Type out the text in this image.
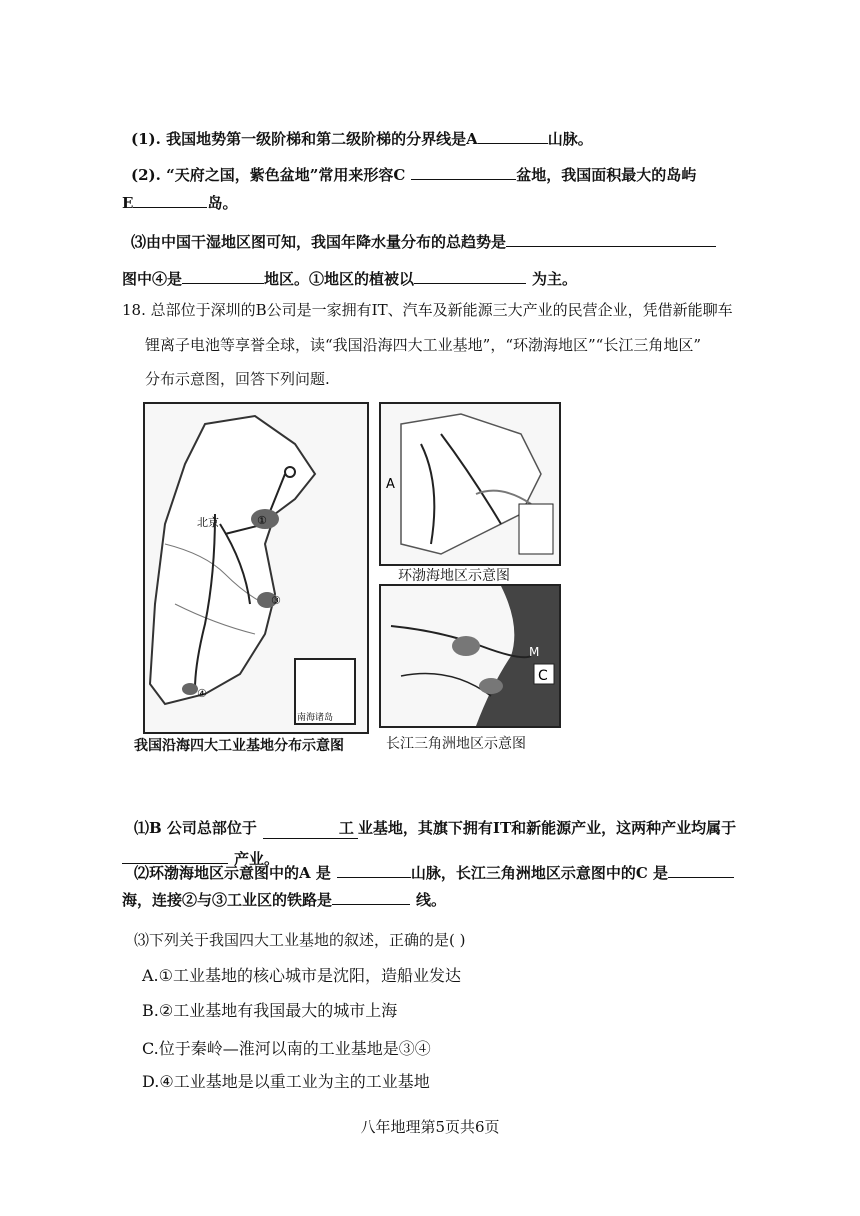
(1). 我国地势第一级阶梯和第二级阶梯的分界线是A	山脉。
(2). “天府之国，紫色盆地”常用来形容C	盆地，我国面积最大的岛屿
E	岛。
⑶由中国干湿地区图可知，我国年降水量分布的总趋势是
图中④是	地区。①地区的植被以	为主。
18. 总部位于深圳的B公司是一家拥有IT、汽车及新能源三大产业的民营企业，凭借新能聊车
锂离子电池等享誉全球，读“我国沿海四大工业基地”，“环渤海地区”“长江三角地区”
分布示意图，回答下列问题.
①
③
④
北京
南海诸岛
我国沿海四大工业基地分布示意图
A
环渤海地区示意图
C
M
长江三角洲地区示意图
⑴B 公司总部位于	工 业基地，其旗下拥有IT和新能源产业，这两种产业均属于
产业。
⑵环渤海地区示意图中的A 是	山脉，长江三角洲地区示意图中的C 是
海，连接②与③工业区的铁路是	线。
⑶下列关于我国四大工业基地的叙述，正确的是( )
A.①工业基地的核心城市是沈阳，造船业发达
B.②工业基地有我国最大的城市上海
C.位于秦岭—淮河以南的工业基地是③④
D.④工业基地是以重工业为主的工业基地
八年地理第5页共6页
